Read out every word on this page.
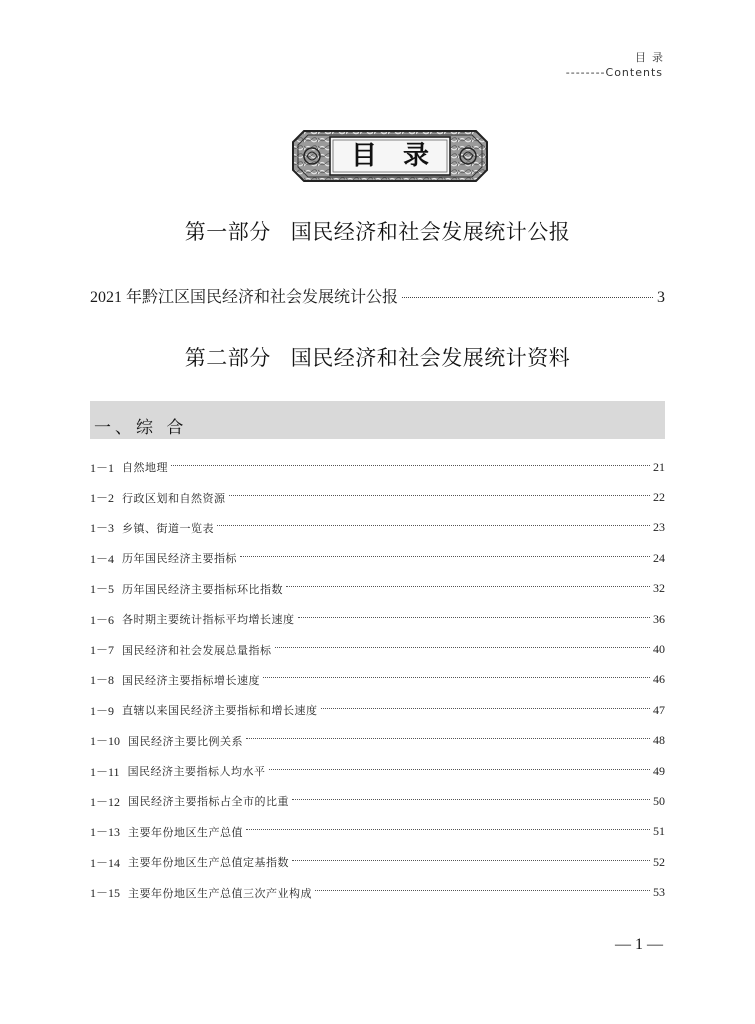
目录
--------Contents
目录
第一部分 国民经济和社会发展统计公报
2021 年黔江区国民经济和社会发展统计公报	3
第二部分 国民经济和社会发展统计资料
一、综 合
1－1 自然地理	21
1－2 行政区划和自然资源	22
1－3 乡镇、街道一览表	23
1－4 历年国民经济主要指标	24
1－5 历年国民经济主要指标环比指数	32
1－6 各时期主要统计指标平均增长速度	36
1－7 国民经济和社会发展总量指标	40
1－8 国民经济主要指标增长速度	46
1－9 直辖以来国民经济主要指标和增长速度	47
1－10 国民经济主要比例关系	48
1－11 国民经济主要指标人均水平	49
1－12 国民经济主要指标占全市的比重	50
1－13 主要年份地区生产总值	51
1－14 主要年份地区生产总值定基指数	52
1－15 主要年份地区生产总值三次产业构成	53
— 1 —
